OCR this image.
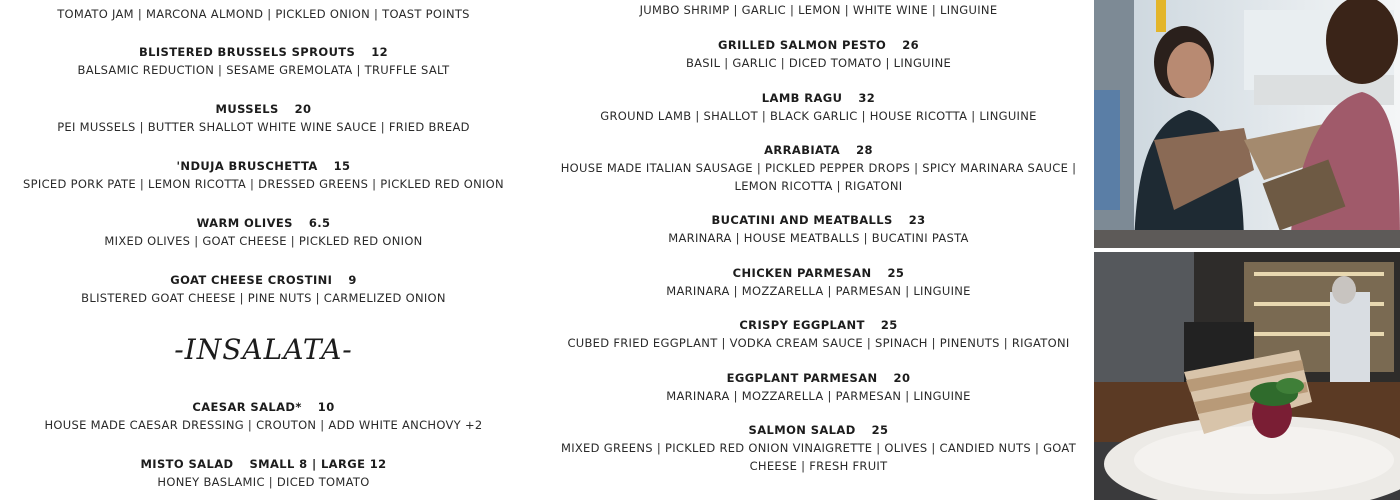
TOMATO JAM | MARCONA ALMOND | PICKLED ONION | TOAST POINTS
BLISTERED BRUSSELS SPROUTS 12
BALSAMIC REDUCTION | SESAME GREMOLATA | TRUFFLE SALT
MUSSELS 20
PEI MUSSELS | BUTTER SHALLOT WHITE WINE SAUCE | FRIED BREAD
'NDUJA BRUSCHETTA 15
SPICED PORK PATE | LEMON RICOTTA | DRESSED GREENS | PICKLED RED ONION
WARM OLIVES 6.5
MIXED OLIVES | GOAT CHEESE | PICKLED RED ONION
GOAT CHEESE CROSTINI 9
BLISTERED GOAT CHEESE | PINE NUTS | CARMELIZED ONION
-INSALATA-
CAESAR SALAD* 10
HOUSE MADE CAESAR DRESSING | CROUTON | ADD WHITE ANCHOVY +2
MISTO SALAD SMALL 8 | LARGE 12
HONEY BASLAMIC | DICED TOMATO
JUMBO SHRIMP | GARLIC | LEMON | WHITE WINE | LINGUINE
GRILLED SALMON PESTO 26
BASIL | GARLIC | DICED TOMATO | LINGUINE
LAMB RAGU 32
GROUND LAMB | SHALLOT | BLACK GARLIC | HOUSE RICOTTA | LINGUINE
ARRABIATA 28
HOUSE MADE ITALIAN SAUSAGE | PICKLED PEPPER DROPS | SPICY MARINARA SAUCE | LEMON RICOTTA | RIGATONI
BUCATINI AND MEATBALLS 23
MARINARA | HOUSE MEATBALLS | BUCATINI PASTA
CHICKEN PARMESAN 25
MARINARA | MOZZARELLA | PARMESAN | LINGUINE
CRISPY EGGPLANT 25
CUBED FRIED EGGPLANT | VODKA CREAM SAUCE | SPINACH | PINENUTS | RIGATONI
EGGPLANT PARMESAN 20
MARINARA | MOZZARELLA | PARMESAN | LINGUINE
SALMON SALAD 25
MIXED GREENS | PICKLED RED ONION VINAIGRETTE | OLIVES | CANDIED NUTS | GOAT CHEESE | FRESH FRUIT
